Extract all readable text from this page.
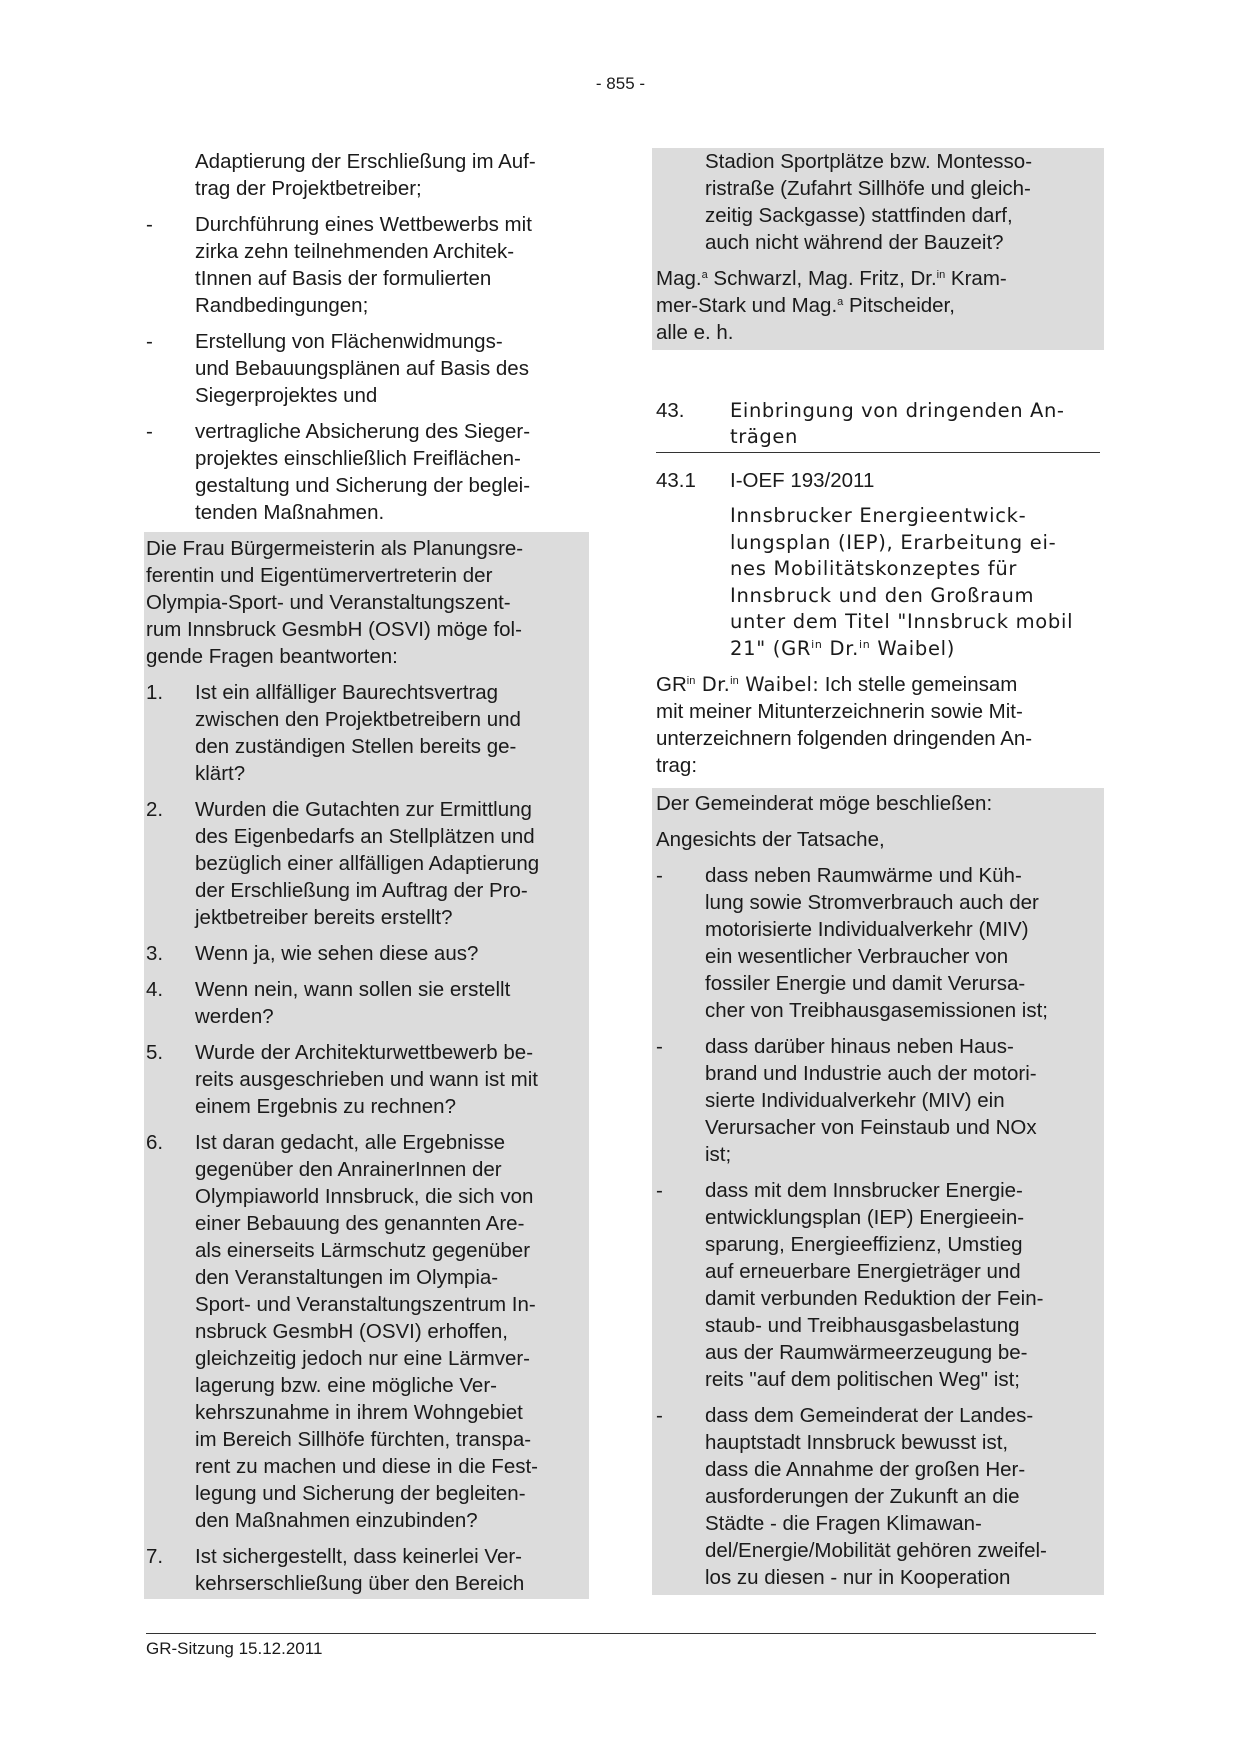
- 855 -
Adaptierung der Erschließung im Auf-
trag der Projektbetreiber;
- Durchführung eines Wettbewerbs mit
zirka zehn teilnehmenden Architek-
tInnen auf Basis der formulierten
Randbedingungen;
- Erstellung von Flächenwidmungs-
und Bebauungsplänen auf Basis des
Siegerprojektes und
- vertragliche Absicherung des Sieger-
projektes einschließlich Freiflächen-
gestaltung und Sicherung der beglei-
tenden Maßnahmen.
Die Frau Bürgermeisterin als Planungsre-
ferentin und Eigentümervertreterin der
Olympia-Sport- und Veranstaltungszent-
rum Innsbruck GesmbH (OSVI) möge fol-
gende Fragen beantworten:
1. Ist ein allfälliger Baurechtsvertrag
zwischen den Projektbetreibern und
den zuständigen Stellen bereits ge-
klärt?
2. Wurden die Gutachten zur Ermittlung
des Eigenbedarfs an Stellplätzen und
bezüglich einer allfälligen Adaptierung
der Erschließung im Auftrag der Pro-
jektbetreiber bereits erstellt?
3. Wenn ja, wie sehen diese aus?
4. Wenn nein, wann sollen sie erstellt
werden?
5. Wurde der Architekturwettbewerb be-
reits ausgeschrieben und wann ist mit
einem Ergebnis zu rechnen?
6. Ist daran gedacht, alle Ergebnisse
gegenüber den AnrainerInnen der
Olympiaworld Innsbruck, die sich von
einer Bebauung des genannten Are-
als einerseits Lärmschutz gegenüber
den Veranstaltungen im Olympia-
Sport- und Veranstaltungszentrum In-
nsbruck GesmbH (OSVI) erhoffen,
gleichzeitig jedoch nur eine Lärmver-
lagerung bzw. eine mögliche Ver-
kehrszunahme in ihrem Wohngebiet
im Bereich Sillhöfe fürchten, transpa-
rent zu machen und diese in die Fest-
legung und Sicherung der begleiten-
den Maßnahmen einzubinden?
7. Ist sichergestellt, dass keinerlei Ver-
kehrserschließung über den Bereich
Stadion Sportplätze bzw. Montesso-
ristraße (Zufahrt Sillhöfe und gleich-
zeitig Sackgasse) stattfinden darf,
auch nicht während der Bauzeit?
Mag.$^a$ Schwarzl, Mag. Fritz, Dr.$^{in}$ Kram-
mer-Stark und Mag.$^a$ Pitscheider,
alle e. h.
43. Einbringung von dringenden An-
trägen
43.1 I-OEF 193/2011
Innsbrucker Energieentwick-
lungsplan (IEP), Erarbeitung ei-
nes Mobilitätskonzeptes für
Innsbruck und den Großraum
unter dem Titel "Innsbruck mobil
21" ($GR^{in}$ Dr.$^{in}$ Waibel)
$GR^{in}$ Dr.$^{in}$ Waibel: Ich stelle gemeinsam
mit meiner Mitunterzeichnerin sowie Mit-
unterzeichnern folgenden dringenden An-
trag:
Der Gemeinderat möge beschließen:
Angesichts der Tatsache,
- dass neben Raumwärme und Küh-
lung sowie Stromverbrauch auch der
motorisierte Individualverkehr (MIV)
ein wesentlicher Verbraucher von
fossiler Energie und damit Verursa-
cher von Treibhausgasemissionen ist;
- dass darüber hinaus neben Haus-
brand und Industrie auch der motori-
sierte Individualverkehr (MIV) ein
Verursacher von Feinstaub und NOx
ist;
- dass mit dem Innsbrucker Energie-
entwicklungsplan (IEP) Energieein-
sparung, Energieeffizienz, Umstieg
auf erneuerbare Energieträger und
damit verbunden Reduktion der Fein-
staub- und Treibhausgasbelastung
aus der Raumwärmeerzeugung be-
reits "auf dem politischen Weg" ist;
- dass dem Gemeinderat der Landes-
hauptstadt Innsbruck bewusst ist,
dass die Annahme der großen Her-
ausforderungen der Zukunft an die
Städte - die Fragen Klimawan-
del/Energie/Mobilität gehören zweifel-
los zu diesen - nur in Kooperation
GR-Sitzung 15.12.2011
